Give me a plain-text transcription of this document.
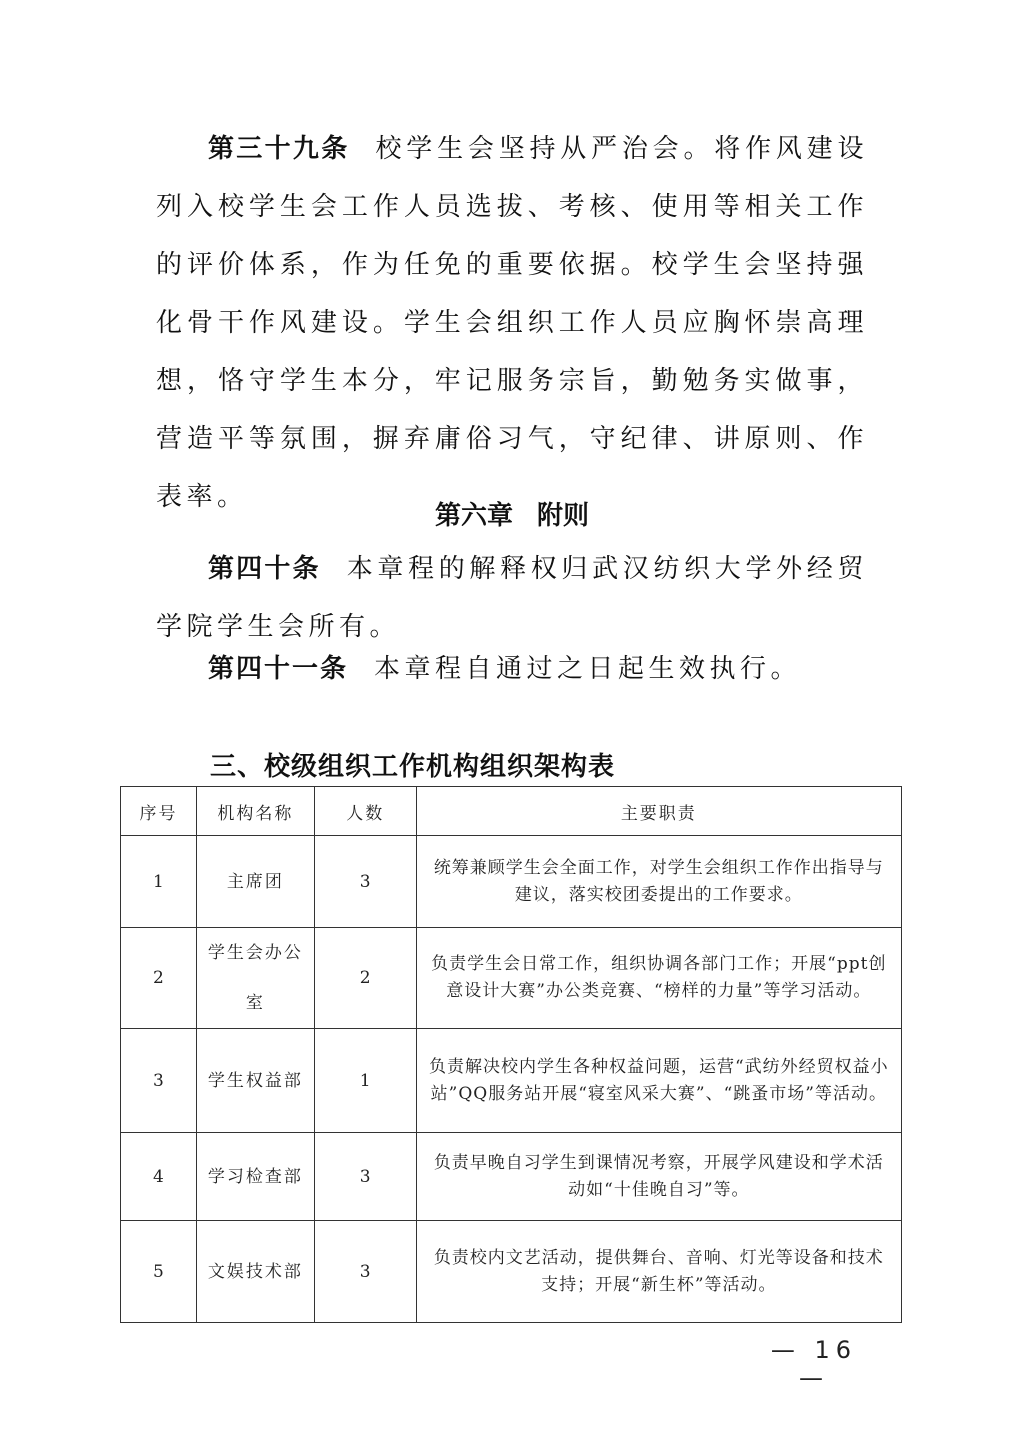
第三十九条 校学生会坚持从严治会。将作风建设列入校学生会工作人员选拔、考核、使用等相关工作的评价体系，作为任免的重要依据。校学生会坚持强化骨干作风建设。学生会组织工作人员应胸怀崇高理想，恪守学生本分，牢记服务宗旨，勤勉务实做事，营造平等氛围，摒弃庸俗习气，守纪律、讲原则、作表率。

第六章 附则

第四十条 本章程的解释权归武汉纺织大学外经贸学院学生会所有。

第四十一条 本章程自通过之日起生效执行。

三、校级组织工作机构组织架构表
序号	机构名称	人数	主要职责
1	主席团	3	统筹兼顾学生会全面工作，对学生会组织工作作出指导与建议，落实校团委提出的工作要求。
2	学生会办公室	2	负责学生会日常工作，组织协调各部门工作；开展“ppt创意设计大赛”办公类竞赛、“榜样的力量”等学习活动。
3	学生权益部	1	负责解决校内学生各种权益问题，运营“武纺外经贸权益小站”QQ服务站开展“寝室风采大赛”、“跳蚤市场”等活动。
4	学习检查部	3	负责早晚自习学生到课情况考察，开展学风建设和学术活动如“十佳晚自习”等。
5	文娱技术部	3	负责校内文艺活动，提供舞台、音响、灯光等设备和技术支持；开展“新生杯”等活动。
— 16 —
